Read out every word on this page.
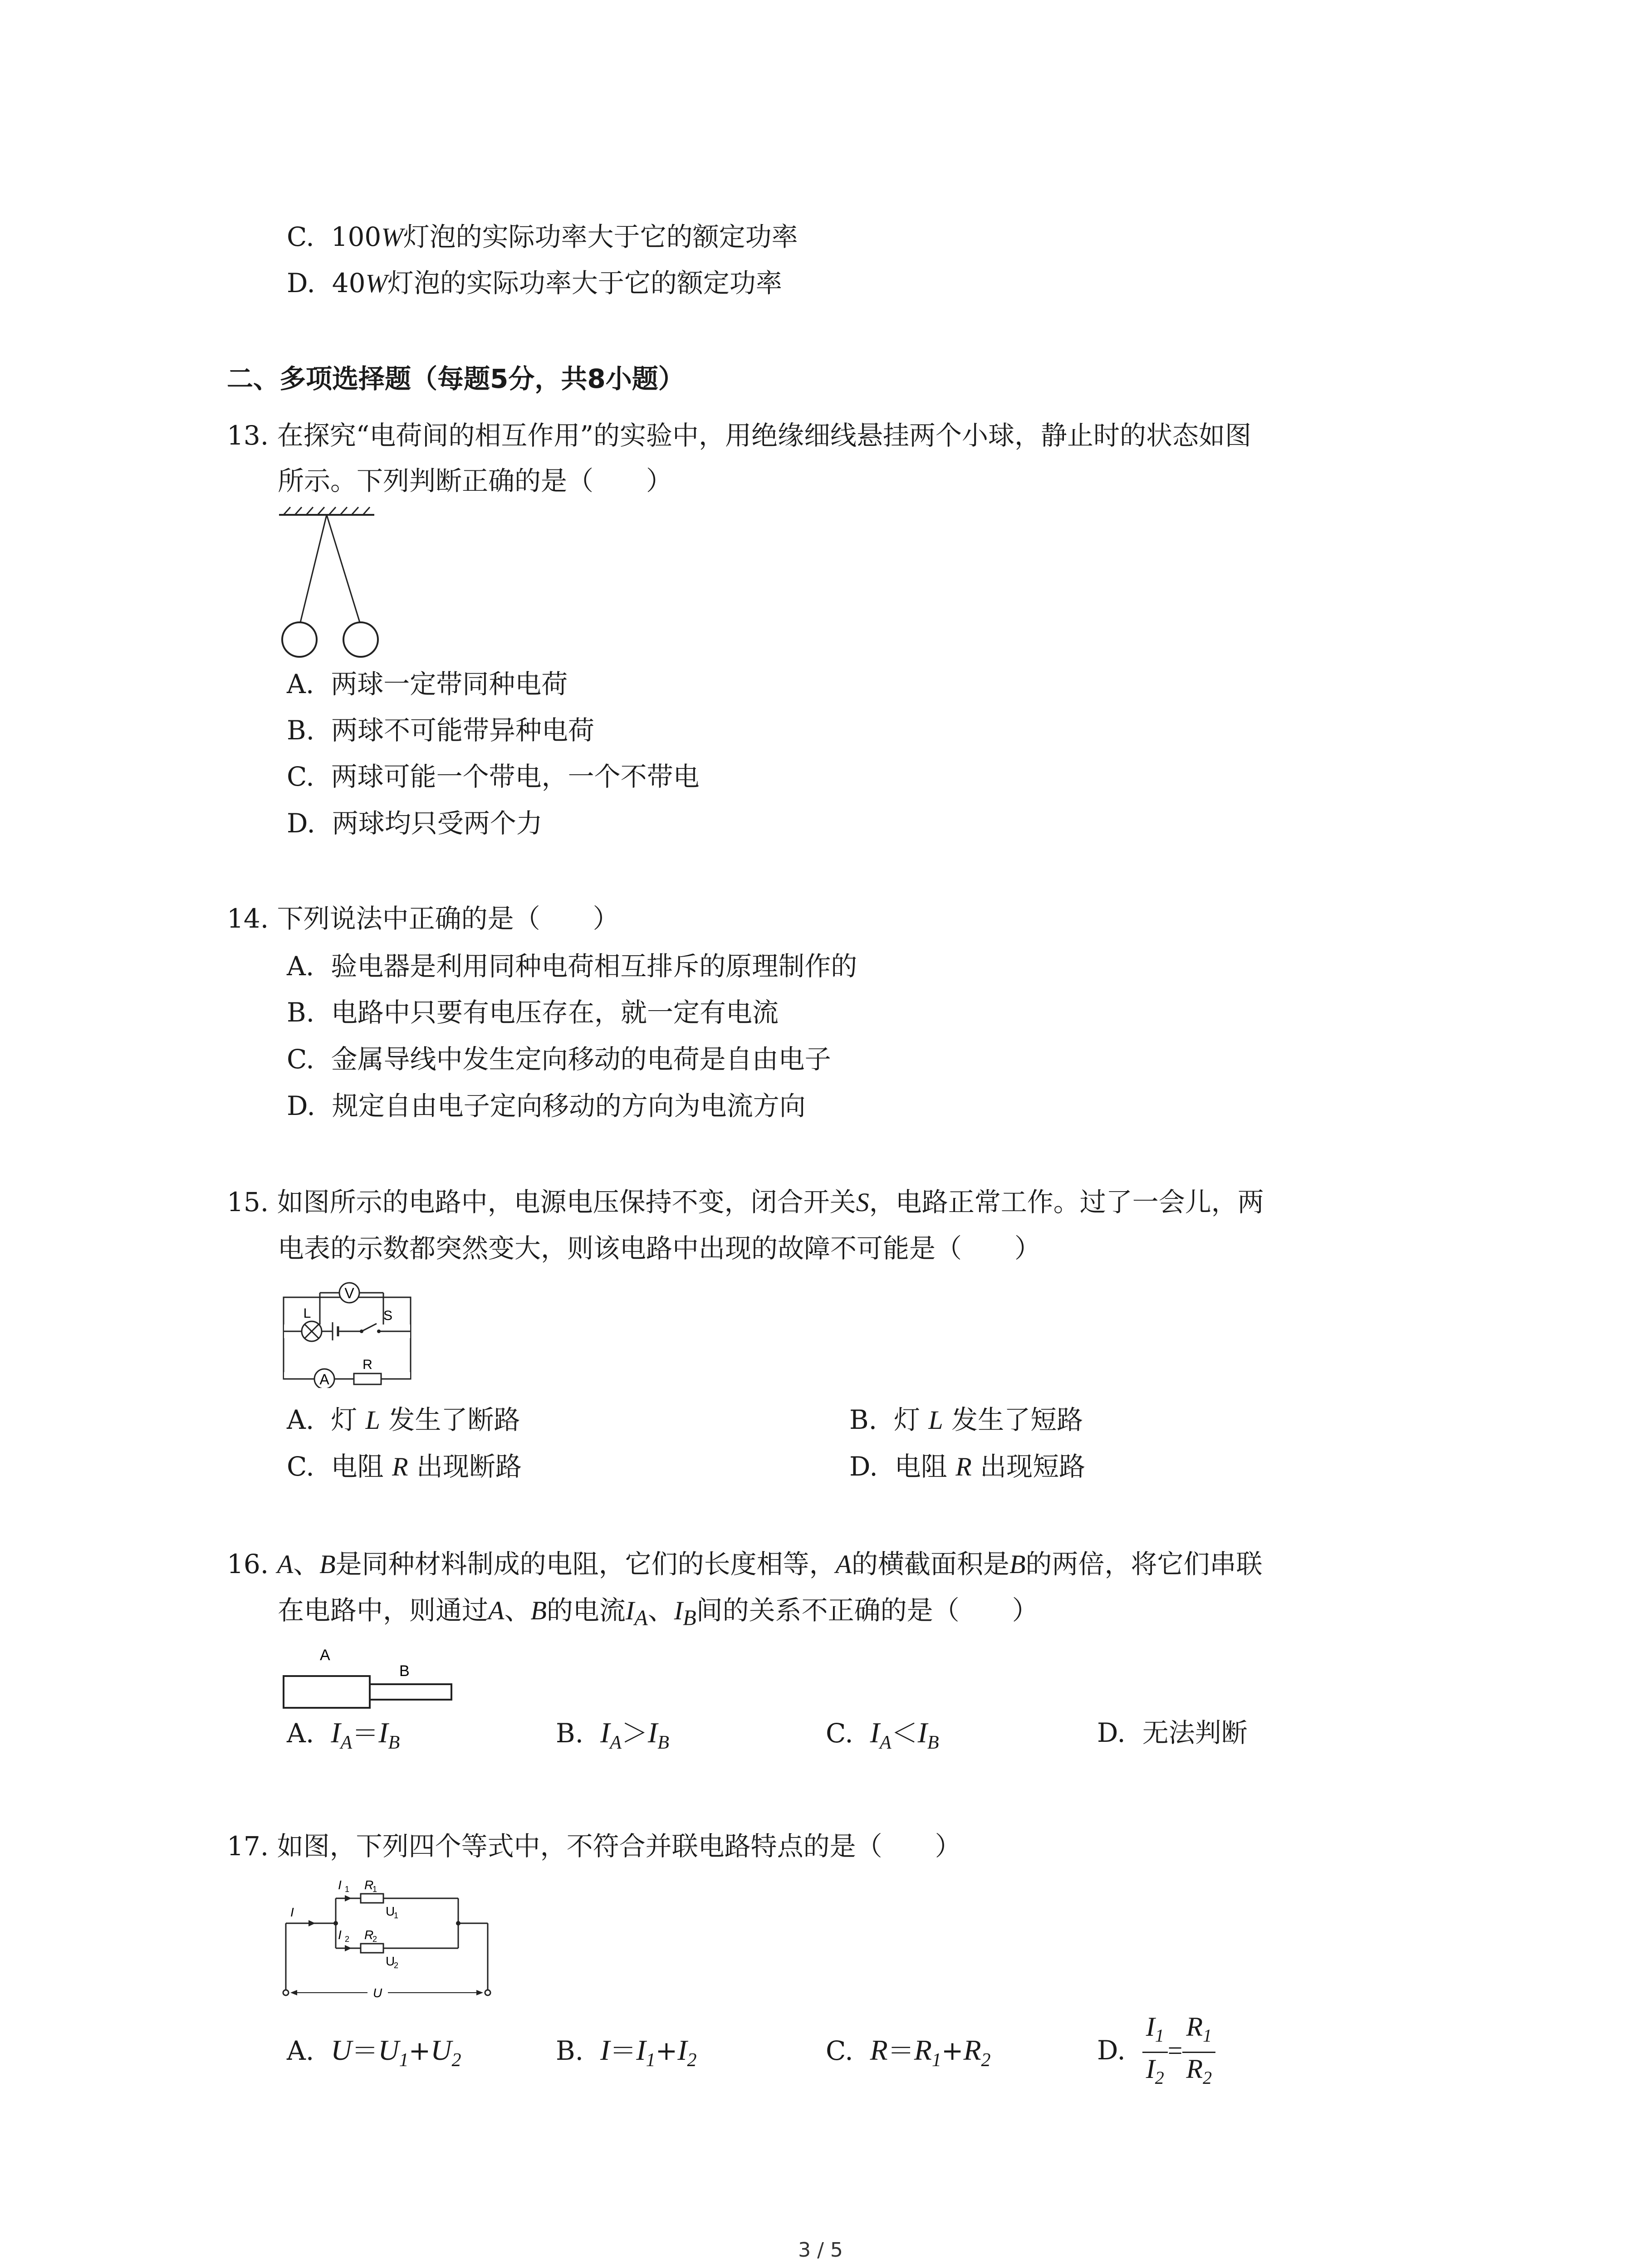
C. 100W灯泡的实际功率大于它的额定功率
D. 40W灯泡的实际功率大于它的额定功率
二、多项选择题（每题5分，共8小题）
13. 在探究“电荷间的相互作用”的实验中，用绝缘细线悬挂两个小球，静止时的状态如图
所示。下列判断正确的是（　　）
A. 两球一定带同种电荷
B. 两球不可能带异种电荷
C. 两球可能一个带电，一个不带电
D. 两球均只受两个力
14. 下列说法中正确的是（　　）
A. 验电器是利用同种电荷相互排斥的原理制作的
B. 电路中只要有电压存在，就一定有电流
C. 金属导线中发生定向移动的电荷是自由电子
D. 规定自由电子定向移动的方向为电流方向
15. 如图所示的电路中，电源电压保持不变，闭合开关S，电路正常工作。过了一会儿，两
电表的示数都突然变大，则该电路中出现的故障不可能是（　　）
V
L	S
A
R
A. 灯 L 发生了断路	B. 灯 L 发生了短路
C. 电阻 R 出现断路	D. 电阻 R 出现短路
16. A、B是同种材料制成的电阻，它们的长度相等，A的横截面积是B的两倍，将它们串联
在电路中，则通过A、B的电流$I_A$、$I_B$间的关系不正确的是（　　）
A
B
A. $I_A=I_B$	B. $I_A>I_B$	C. $I_A<I_B$	D. 无法判断
17. 如图，下列四个等式中，不符合并联电路特点的是（　　）
I
I 1
I 2
R
1
R
2
U
1
U
2
U
A. $U=U_1+U_2$	B. $I=I_1+I_2$	C. $R=R_1+R_2$	D. $\frac{I_1}{I_2} = \frac{R_1}{R_2}$
3 / 5
